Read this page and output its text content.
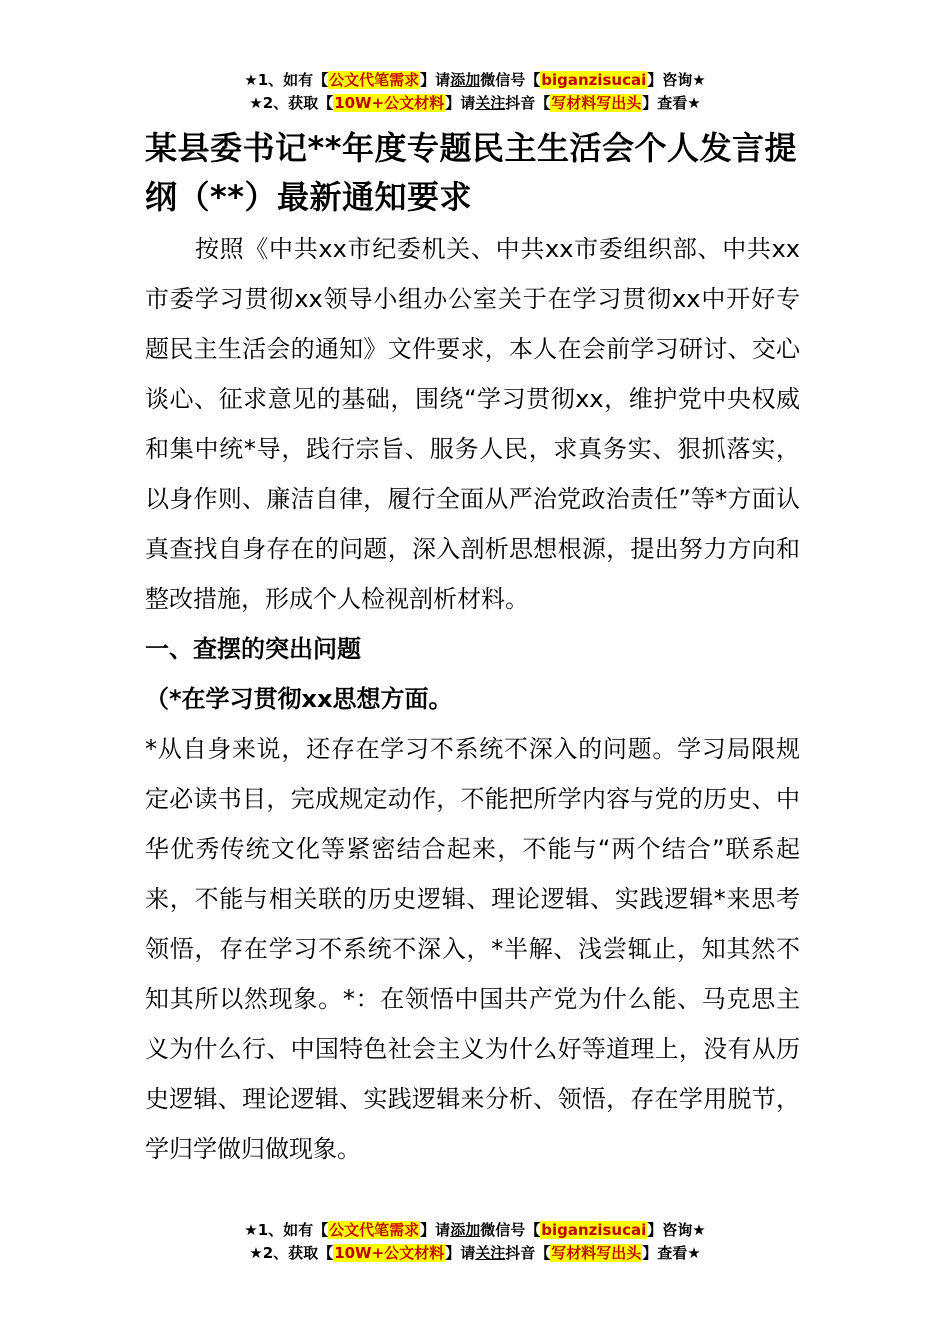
★1、如有【公文代笔需求】请添加微信号【biganzisucai】咨询★
★2、获取【10W+公文材料】请关注抖音【写材料写出头】查看★
某县委书记**年度专题民主生活会个人发言提纲（**）最新通知要求

按照《中共xx市纪委机关、中共xx市委组织部、中共xx市委学习贯彻xx领导小组办公室关于在学习贯彻xx中开好专题民主生活会的通知》文件要求，本人在会前学习研讨、交心谈心、征求意见的基础，围绕“学习贯彻xx，维护党中央权威和集中统*导，践行宗旨、服务人民，求真务实、狠抓落实，以身作则、廉洁自律，履行全面从严治党政治责任”等*方面认真查找自身存在的问题，深入剖析思想根源，提出努力方向和整改措施，形成个人检视剖析材料。

一、查摆的突出问题

（*在学习贯彻xx思想方面。

*从自身来说，还存在学习不系统不深入的问题。学习局限规定必读书目，完成规定动作，不能把所学内容与党的历史、中华优秀传统文化等紧密结合起来，不能与“两个结合”联系起来，不能与相关联的历史逻辑、理论逻辑、实践逻辑*来思考领悟，存在学习不系统不深入，*半解、浅尝辄止，知其然不知其所以然现象。*：在领悟中国共产党为什么能、马克思主义为什么行、中国特色社会主义为什么好等道理上，没有从历史逻辑、理论逻辑、实践逻辑来分析、领悟，存在学用脱节，学归学做归做现象。

★1、如有【公文代笔需求】请添加微信号【biganzisucai】咨询★
★2、获取【10W+公文材料】请关注抖音【写材料写出头】查看★
